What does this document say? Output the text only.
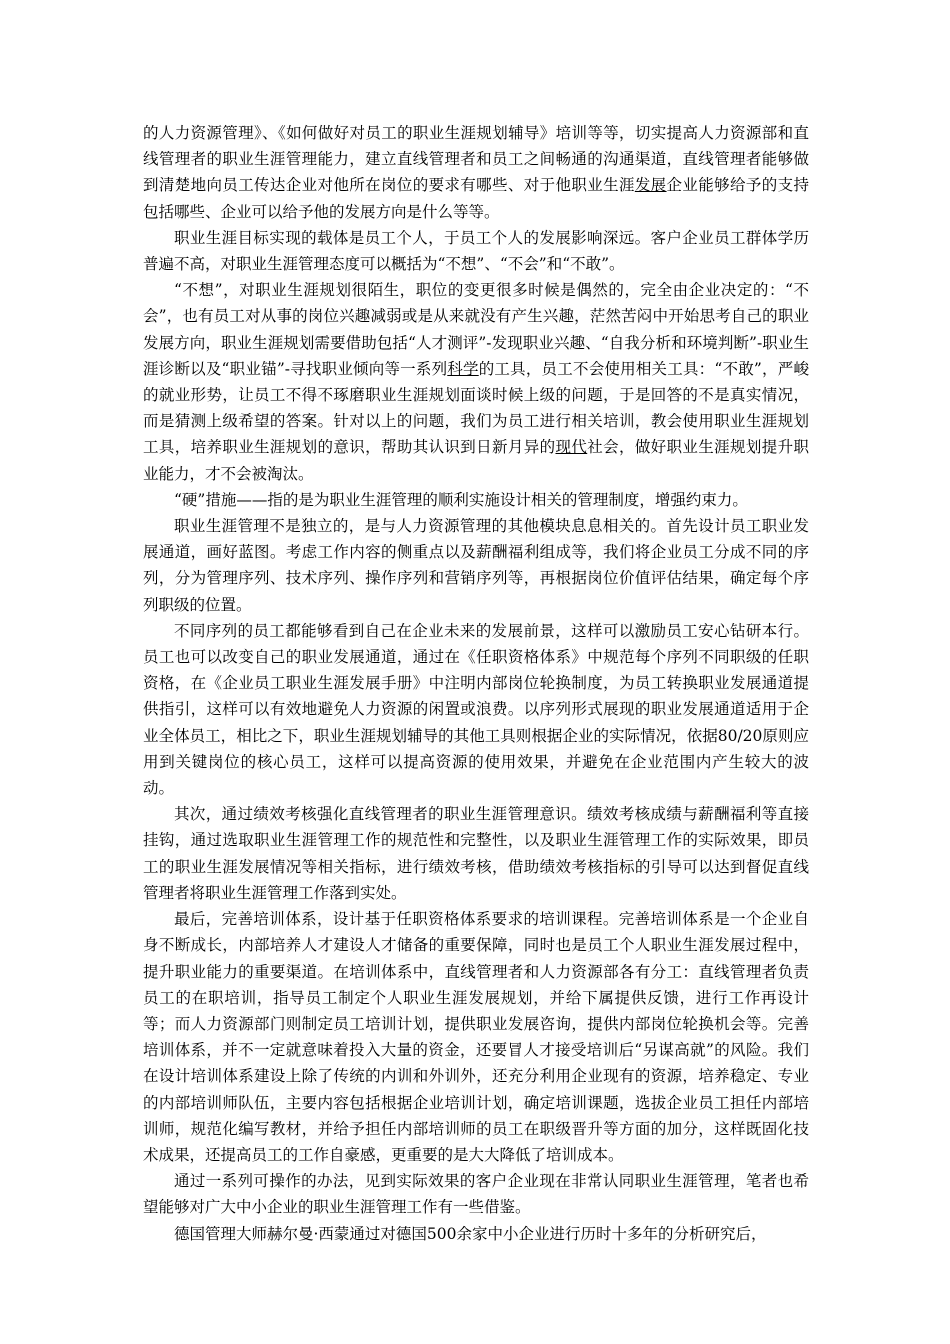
的人力资源管理》、《如何做好对员工的职业生涯规划辅导》培训等等，切实提高人力资源部和直线管理者的职业生涯管理能力，建立直线管理者和员工之间畅通的沟通渠道，直线管理者能够做到清楚地向员工传达企业对他所在岗位的要求有哪些、对于他职业生涯发展企业能够给予的支持包括哪些、企业可以给予他的发展方向是什么等等。

职业生涯目标实现的载体是员工个人，于员工个人的发展影响深远。客户企业员工群体学历普遍不高，对职业生涯管理态度可以概括为“不想”、“不会”和“不敢”。

“不想”，对职业生涯规划很陌生，职位的变更很多时候是偶然的，完全由企业决定的：“不会”，也有员工对从事的岗位兴趣减弱或是从来就没有产生兴趣，茫然苦闷中开始思考自己的职业发展方向，职业生涯规划需要借助包括“人才测评”-发现职业兴趣、“自我分析和环境判断”-职业生涯诊断以及“职业锚”-寻找职业倾向等一系列科学的工具，员工不会使用相关工具：“不敢”，严峻的就业形势，让员工不得不琢磨职业生涯规划面谈时候上级的问题，于是回答的不是真实情况，而是猜测上级希望的答案。针对以上的问题，我们为员工进行相关培训，教会使用职业生涯规划工具，培养职业生涯规划的意识，帮助其认识到日新月异的现代社会，做好职业生涯规划提升职业能力，才不会被淘汰。

“硬”措施——指的是为职业生涯管理的顺利实施设计相关的管理制度，增强约束力。

职业生涯管理不是独立的，是与人力资源管理的其他模块息息相关的。首先设计员工职业发展通道，画好蓝图。考虑工作内容的侧重点以及薪酬福利组成等，我们将企业员工分成不同的序列，分为管理序列、技术序列、操作序列和营销序列等，再根据岗位价值评估结果，确定每个序列职级的位置。

不同序列的员工都能够看到自己在企业未来的发展前景，这样可以激励员工安心钻研本行。员工也可以改变自己的职业发展通道，通过在《任职资格体系》中规范每个序列不同职级的任职资格，在《企业员工职业生涯发展手册》中注明内部岗位轮换制度，为员工转换职业发展通道提供指引，这样可以有效地避免人力资源的闲置或浪费。以序列形式展现的职业发展通道适用于企业全体员工，相比之下，职业生涯规划辅导的其他工具则根据企业的实际情况，依据80/20原则应用到关键岗位的核心员工，这样可以提高资源的使用效果，并避免在企业范围内产生较大的波动。

其次，通过绩效考核强化直线管理者的职业生涯管理意识。绩效考核成绩与薪酬福利等直接挂钩，通过选取职业生涯管理工作的规范性和完整性，以及职业生涯管理工作的实际效果，即员工的职业生涯发展情况等相关指标，进行绩效考核，借助绩效考核指标的引导可以达到督促直线管理者将职业生涯管理工作落到实处。

最后，完善培训体系，设计基于任职资格体系要求的培训课程。完善培训体系是一个企业自身不断成长，内部培养人才建设人才储备的重要保障，同时也是员工个人职业生涯发展过程中，提升职业能力的重要渠道。在培训体系中，直线管理者和人力资源部各有分工：直线管理者负责员工的在职培训，指导员工制定个人职业生涯发展规划，并给下属提供反馈，进行工作再设计等；而人力资源部门则制定员工培训计划，提供职业发展咨询，提供内部岗位轮换机会等。完善培训体系，并不一定就意味着投入大量的资金，还要冒人才接受培训后“另谋高就”的风险。我们在设计培训体系建设上除了传统的内训和外训外，还充分利用企业现有的资源，培养稳定、专业的内部培训师队伍，主要内容包括根据企业培训计划，确定培训课题，选拔企业员工担任内部培训师，规范化编写教材，并给予担任内部培训师的员工在职级晋升等方面的加分，这样既固化技术成果，还提高员工的工作自豪感，更重要的是大大降低了培训成本。

通过一系列可操作的办法，见到实际效果的客户企业现在非常认同职业生涯管理，笔者也希望能够对广大中小企业的职业生涯管理工作有一些借鉴。

德国管理大师赫尔曼·西蒙通过对德国500余家中小企业进行历时十多年的分析研究后，
